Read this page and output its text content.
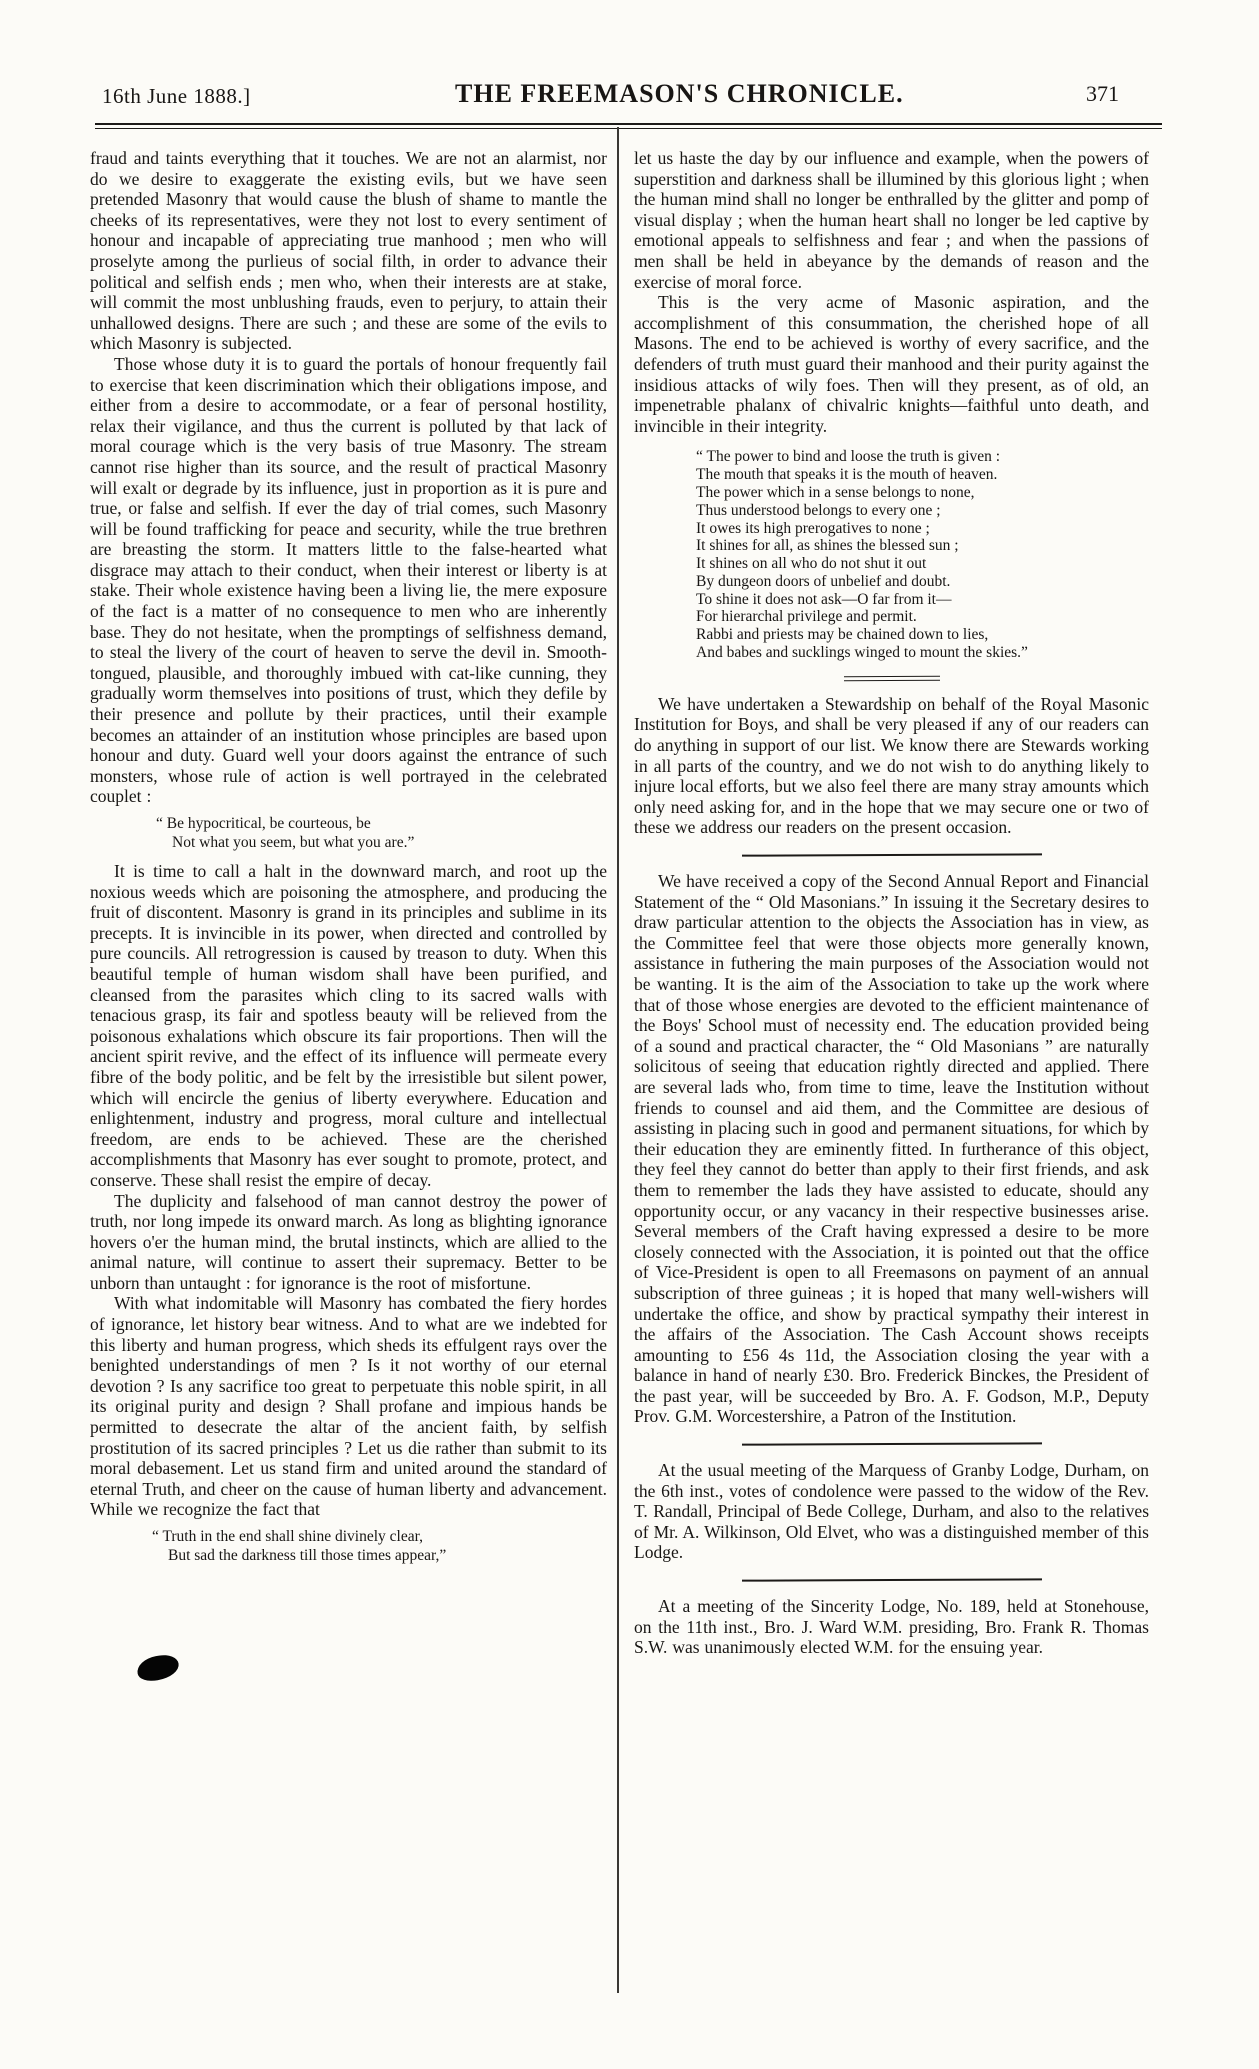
16th June 1888.]	THE FREEMASON'S CHRONICLE.	371

fraud and taints everything that it touches. We are not an alarmist, nor do we desire to exaggerate the existing evils, but we have seen pretended Masonry that would cause the blush of shame to mantle the cheeks of its representatives, were they not lost to every sentiment of honour and incapable of appreciating true manhood ; men who will proselyte among the purlieus of social filth, in order to advance their political and selfish ends ; men who, when their interests are at stake, will commit the most unblushing frauds, even to perjury, to attain their unhallowed designs. There are such ; and these are some of the evils to which Masonry is subjected.

Those whose duty it is to guard the portals of honour frequently fail to exercise that keen discrimination which their obligations impose, and either from a desire to accommodate, or a fear of personal hostility, relax their vigilance, and thus the current is polluted by that lack of moral courage which is the very basis of true Masonry. The stream cannot rise higher than its source, and the result of practical Masonry will exalt or degrade by its influence, just in proportion as it is pure and true, or false and selfish. If ever the day of trial comes, such Masonry will be found trafficking for peace and security, while the true brethren are breasting the storm. It matters little to the false-hearted what disgrace may attach to their conduct, when their interest or liberty is at stake. Their whole existence having been a living lie, the mere exposure of the fact is a matter of no consequence to men who are inherently base. They do not hesitate, when the promptings of selfishness demand, to steal the livery of the court of heaven to serve the devil in. Smooth-tongued, plausible, and thoroughly imbued with cat-like cunning, they gradually worm themselves into positions of trust, which they defile by their presence and pollute by their practices, until their example becomes an attainder of an institution whose principles are based upon honour and duty. Guard well your doors against the entrance of such monsters, whose rule of action is well portrayed in the celebrated couplet :

“ Be hypocritical, be courteous, be
Not what you seem, but what you are.”

It is time to call a halt in the downward march, and root up the noxious weeds which are poisoning the atmosphere, and producing the fruit of discontent. Masonry is grand in its principles and sublime in its precepts. It is invincible in its power, when directed and controlled by pure councils. All retrogression is caused by treason to duty. When this beautiful temple of human wisdom shall have been purified, and cleansed from the parasites which cling to its sacred walls with tenacious grasp, its fair and spotless beauty will be relieved from the poisonous exhalations which obscure its fair proportions. Then will the ancient spirit revive, and the effect of its influence will permeate every fibre of the body politic, and be felt by the irresistible but silent power, which will encircle the genius of liberty everywhere. Education and enlightenment, industry and progress, moral culture and intellectual freedom, are ends to be achieved. These are the cherished accomplishments that Masonry has ever sought to promote, protect, and conserve. These shall resist the empire of decay.

The duplicity and falsehood of man cannot destroy the power of truth, nor long impede its onward march. As long as blighting ignorance hovers o'er the human mind, the brutal instincts, which are allied to the animal nature, will continue to assert their supremacy. Better to be unborn than untaught : for ignorance is the root of misfortune.

With what indomitable will Masonry has combated the fiery hordes of ignorance, let history bear witness. And to what are we indebted for this liberty and human progress, which sheds its effulgent rays over the benighted understandings of men ? Is it not worthy of our eternal devotion ? Is any sacrifice too great to perpetuate this noble spirit, in all its original purity and design ? Shall profane and impious hands be permitted to desecrate the altar of the ancient faith, by selfish prostitution of its sacred principles ? Let us die rather than submit to its moral debasement. Let us stand firm and united around the standard of eternal Truth, and cheer on the cause of human liberty and advancement. While we recognize the fact that

“ Truth in the end shall shine divinely clear,
But sad the darkness till those times appear,”

let us haste the day by our influence and example, when the powers of superstition and darkness shall be illumined by this glorious light ; when the human mind shall no longer be enthralled by the glitter and pomp of visual display ; when the human heart shall no longer be led captive by emotional appeals to selfishness and fear ; and when the passions of men shall be held in abeyance by the demands of reason and the exercise of moral force.

This is the very acme of Masonic aspiration, and the accomplishment of this consummation, the cherished hope of all Masons. The end to be achieved is worthy of every sacrifice, and the defenders of truth must guard their manhood and their purity against the insidious attacks of wily foes. Then will they present, as of old, an impenetrable phalanx of chivalric knights—faithful unto death, and invincible in their integrity.

“ The power to bind and loose the truth is given :
The mouth that speaks it is the mouth of heaven.
The power which in a sense belongs to none,
Thus understood belongs to every one ;
It owes its high prerogatives to none ;
It shines for all, as shines the blessed sun ;
It shines on all who do not shut it out
By dungeon doors of unbelief and doubt.
To shine it does not ask—O far from it—
For hierarchal privilege and permit.
Rabbi and priests may be chained down to lies,
And babes and sucklings winged to mount the skies.”

We have undertaken a Stewardship on behalf of the Royal Masonic Institution for Boys, and shall be very pleased if any of our readers can do anything in support of our list. We know there are Stewards working in all parts of the country, and we do not wish to do anything likely to injure local efforts, but we also feel there are many stray amounts which only need asking for, and in the hope that we may secure one or two of these we address our readers on the present occasion.

We have received a copy of the Second Annual Report and Financial Statement of the “ Old Masonians.” In issuing it the Secretary desires to draw particular attention to the objects the Association has in view, as the Committee feel that were those objects more generally known, assistance in futhering the main purposes of the Association would not be wanting. It is the aim of the Association to take up the work where that of those whose energies are devoted to the efficient maintenance of the Boys' School must of necessity end. The education provided being of a sound and practical character, the “ Old Masonians ” are naturally solicitous of seeing that education rightly directed and applied. There are several lads who, from time to time, leave the Institution without friends to counsel and aid them, and the Committee are desious of assisting in placing such in good and permanent situations, for which by their education they are eminently fitted. In furtherance of this object, they feel they cannot do better than apply to their first friends, and ask them to remember the lads they have assisted to educate, should any opportunity occur, or any vacancy in their respective businesses arise. Several members of the Craft having expressed a desire to be more closely connected with the Association, it is pointed out that the office of Vice-President is open to all Freemasons on payment of an annual subscription of three guineas ; it is hoped that many well-wishers will undertake the office, and show by practical sympathy their interest in the affairs of the Association. The Cash Account shows receipts amounting to £56 4s 11d, the Association closing the year with a balance in hand of nearly £30. Bro. Frederick Binckes, the President of the past year, will be succeeded by Bro. A. F. Godson, M.P., Deputy Prov. G.M. Worcestershire, a Patron of the Institution.

At the usual meeting of the Marquess of Granby Lodge, Durham, on the 6th inst., votes of condolence were passed to the widow of the Rev. T. Randall, Principal of Bede College, Durham, and also to the relatives of Mr. A. Wilkinson, Old Elvet, who was a distinguished member of this Lodge.

At a meeting of the Sincerity Lodge, No. 189, held at Stonehouse, on the 11th inst., Bro. J. Ward W.M. presiding, Bro. Frank R. Thomas S.W. was unanimously elected W.M. for the ensuing year.
